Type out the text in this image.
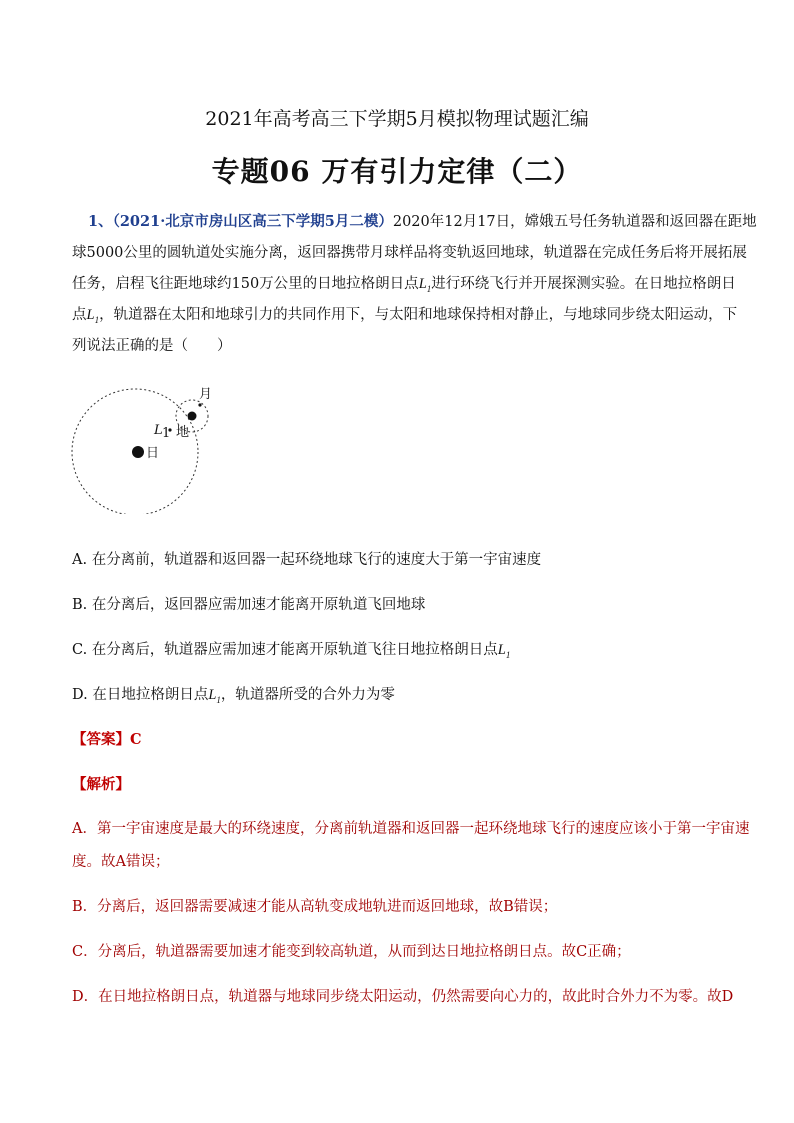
2021年高考高三下学期5月模拟物理试题汇编
专题06 万有引力定律（二）
1、（2021·北京市房山区高三下学期5月二模）2020年12月17日，嫦娥五号任务轨道器和返回器在距地
球5000公里的圆轨道处实施分离，返回器携带月球样品将变轨返回地球，轨道器在完成任务后将开展拓展
任务，启程飞往距地球约150万公里的日地拉格朗日点$L_1$进行环绕飞行并开展探测实验。在日地拉格朗日
点$L_1$，轨道器在太阳和地球引力的共同作用下，与太阳和地球保持相对静止，与地球同步绕太阳运动，下
列说法正确的是（　　）
月
地
日
L 1
A. 在分离前，轨道器和返回器一起环绕地球飞行的速度大于第一宇宙速度
B. 在分离后，返回器应需加速才能离开原轨道飞回地球
C. 在分离后，轨道器应需加速才能离开原轨道飞往日地拉格朗日点$L_1$
D. 在日地拉格朗日点$L_1$，轨道器所受的合外力为零
【答案】C
【解析】
A．第一宇宙速度是最大的环绕速度，分离前轨道器和返回器一起环绕地球飞行的速度应该小于第一宇宙速
度。故A错误；
B．分离后，返回器需要减速才能从高轨变成地轨进而返回地球，故B错误；
C．分离后，轨道器需要加速才能变到较高轨道，从而到达日地拉格朗日点。故C正确；
D．在日地拉格朗日点，轨道器与地球同步绕太阳运动，仍然需要向心力的，故此时合外力不为零。故D
